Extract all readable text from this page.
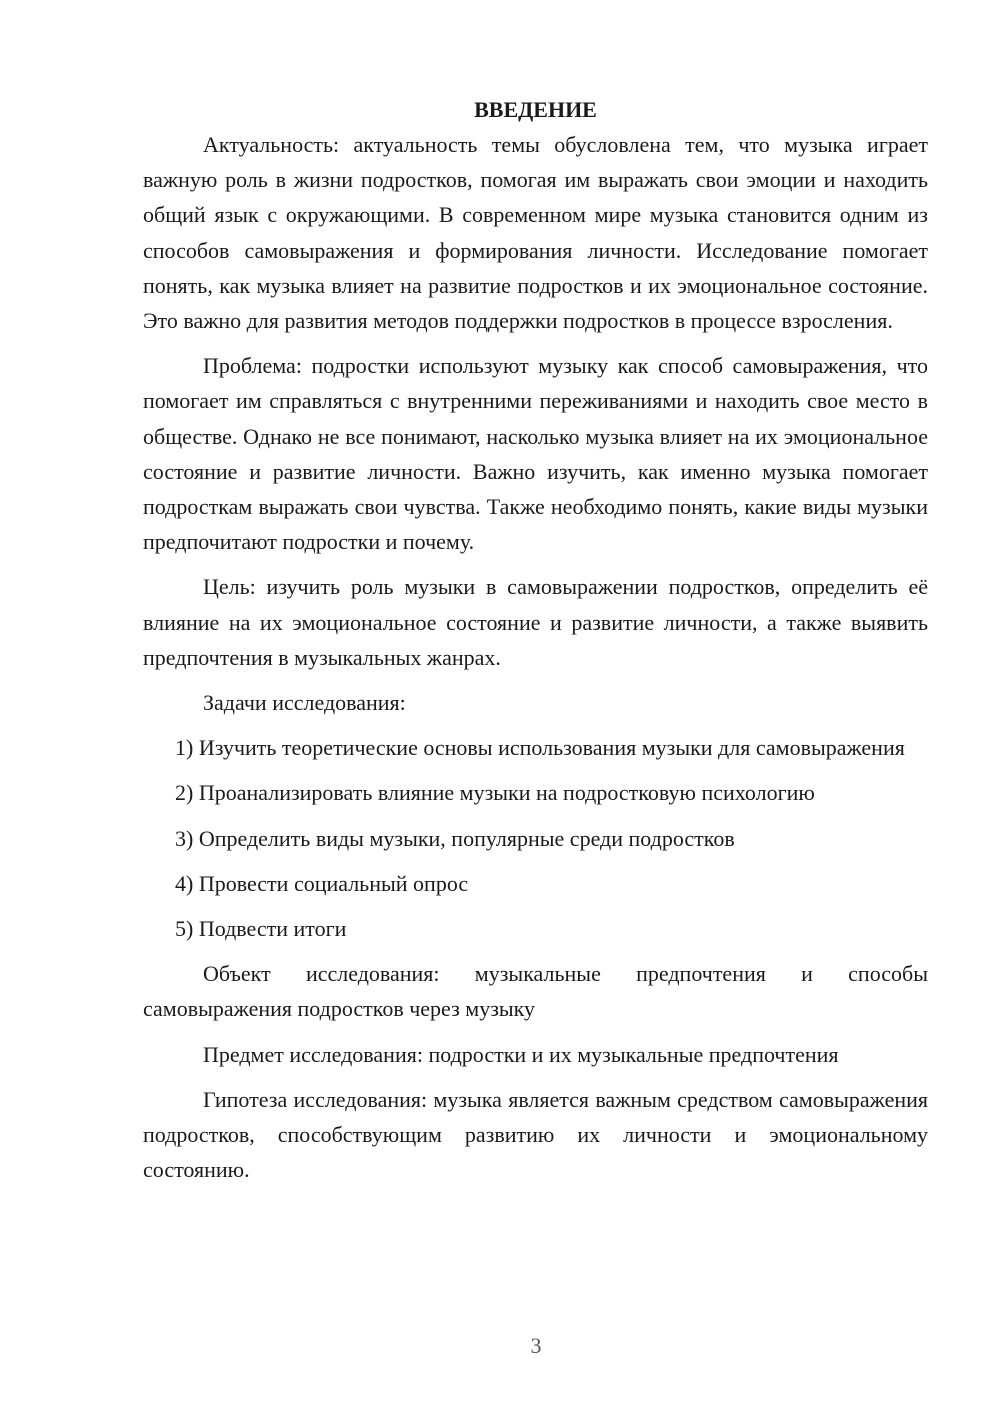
ВВЕДЕНИЕ

Актуальность: актуальность темы обусловлена тем, что музыка играет важную роль в жизни подростков, помогая им выражать свои эмоции и находить общий язык с окружающими. В современном мире музыка становится одним из способов самовыражения и формирования личности. Исследование помогает понять, как музыка влияет на развитие подростков и их эмоциональное состояние. Это важно для развития методов поддержки подростков в процессе взросления.

Проблема: подростки используют музыку как способ самовыражения, что помогает им справляться с внутренними переживаниями и находить свое место в обществе. Однако не все понимают, насколько музыка влияет на их эмоциональное состояние и развитие личности. Важно изучить, как именно музыка помогает подросткам выражать свои чувства. Также необходимо понять, какие виды музыки предпочитают подростки и почему.

Цель: изучить роль музыки в самовыражении подростков, определить её влияние на их эмоциональное состояние и развитие личности, а также выявить предпочтения в музыкальных жанрах.

Задачи исследования:

1) Изучить теоретические основы использования музыки для самовыражения

2) Проанализировать влияние музыки на подростковую психологию

3) Определить виды музыки, популярные среди подростков

4) Провести социальный опрос

5) Подвести итоги

Объект исследования: музыкальные предпочтения и способы самовыражения подростков через музыку

Предмет исследования: подростки и их музыкальные предпочтения

Гипотеза исследования: музыка является важным средством самовыражения подростков, способствующим развитию их личности и эмоциональному состоянию.

3
